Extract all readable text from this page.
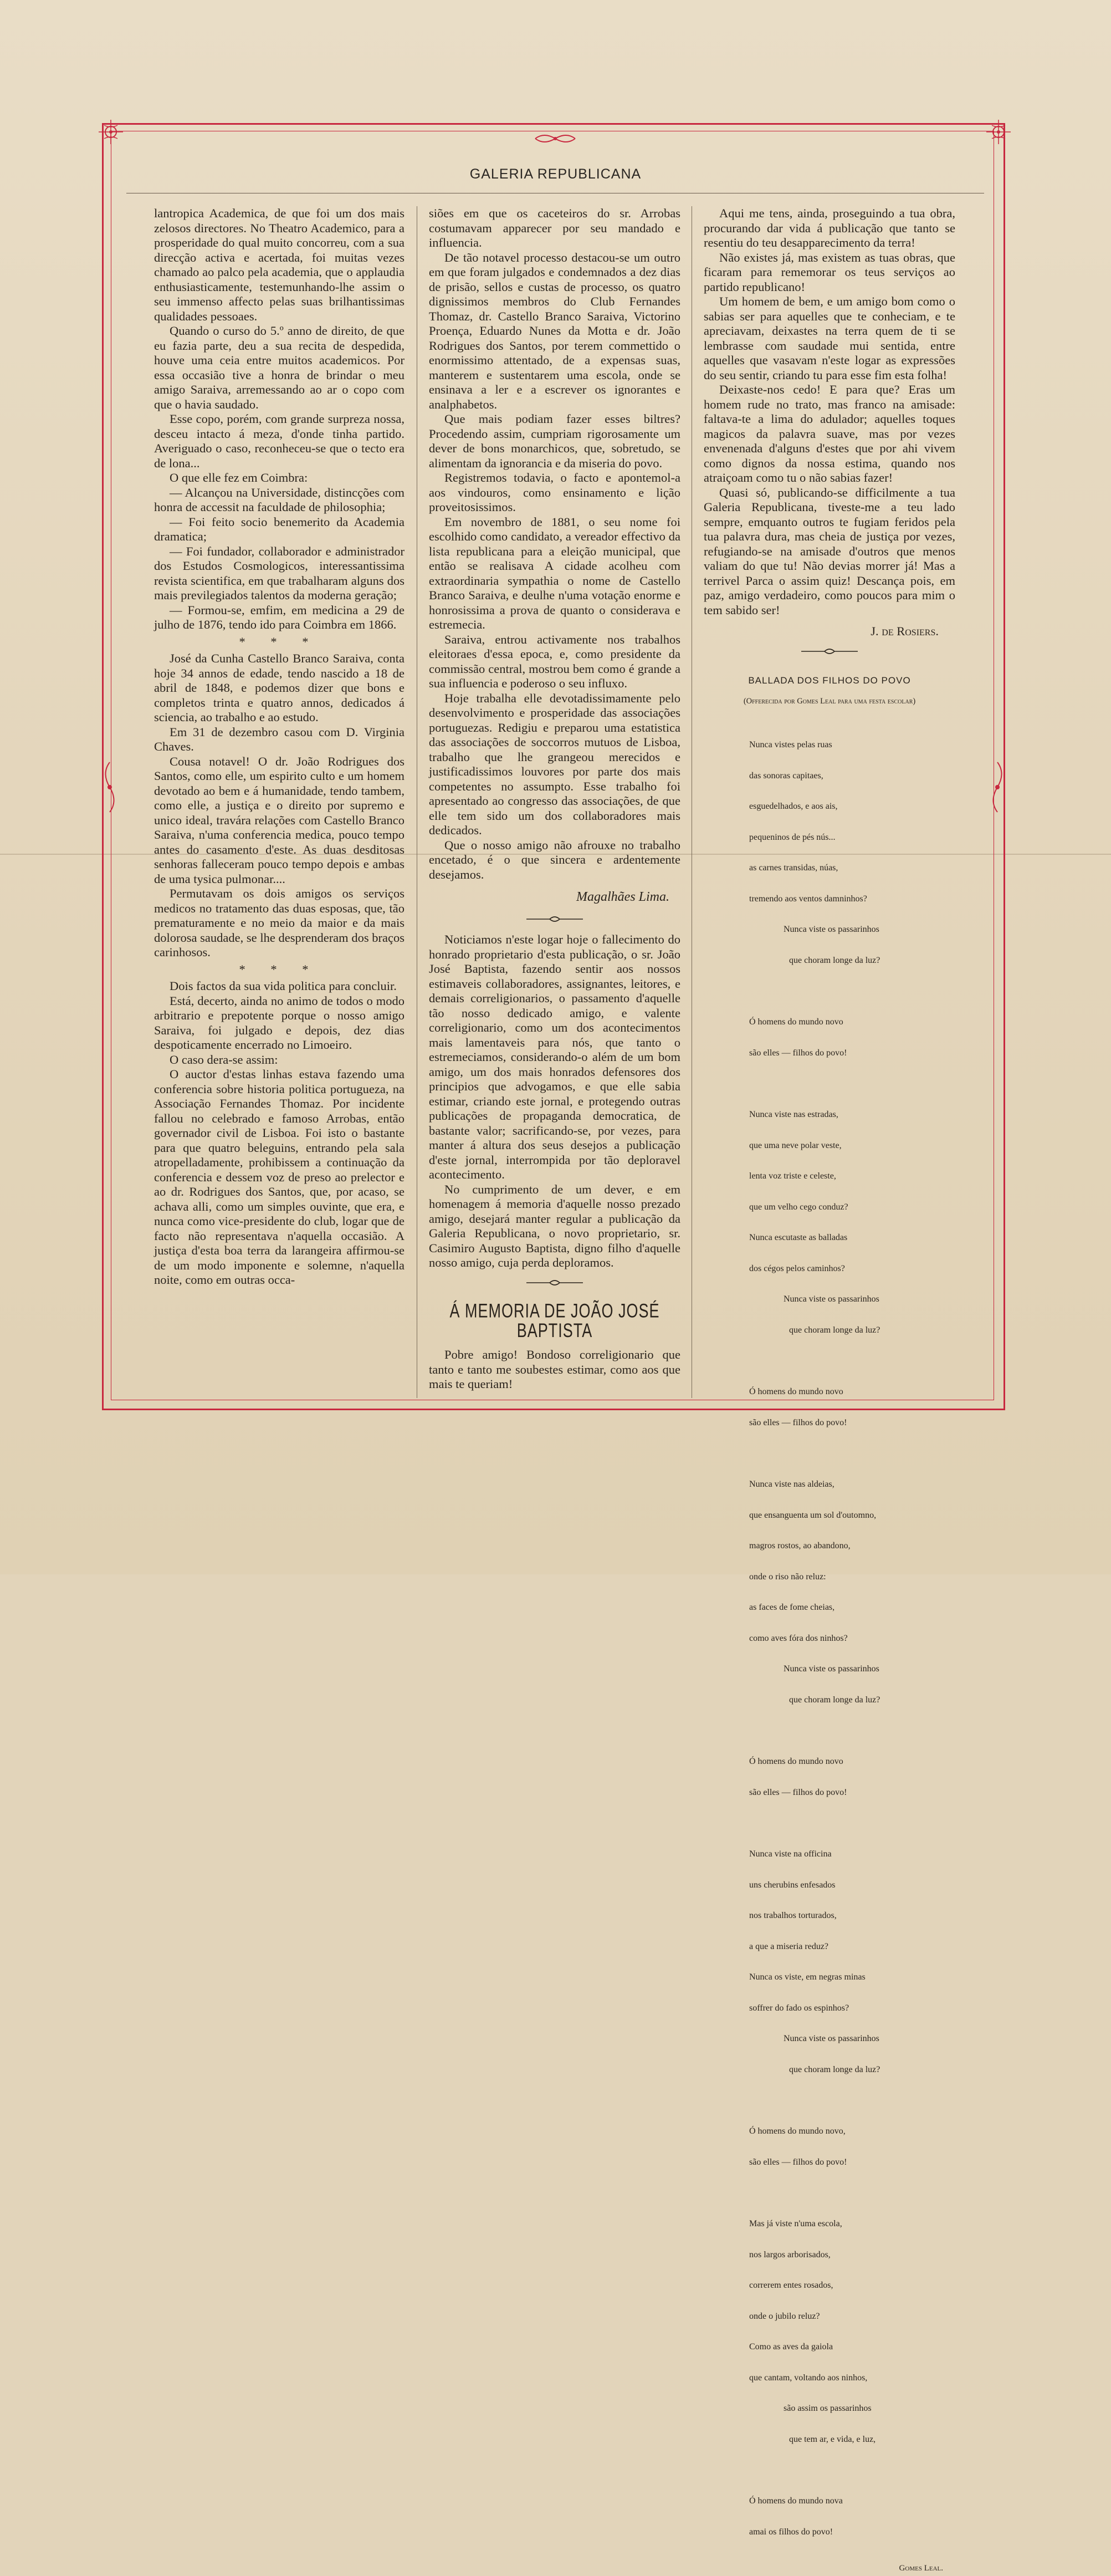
GALERIA REPUBLICANA

lantropica Academica, de que foi um dos mais zelosos directores. No Theatro Academico, para a prosperidade do qual muito concorreu, com a sua direcção activa e acertada, foi muitas vezes chamado ao palco pela academia, que o applaudia enthusiasticamente, testemunhando-lhe assim o seu immenso affecto pelas suas brilhantissimas qualidades pessoaes.

Quando o curso do 5.º anno de direito, de que eu fazia parte, deu a sua recita de despedida, houve uma ceia entre muitos academicos. Por essa occasião tive a honra de brindar o meu amigo Saraiva, arremessando ao ar o copo com que o havia saudado.

Esse copo, porém, com grande surpreza nossa, desceu intacto á meza, d'onde tinha partido. Averiguado o caso, reconheceu-se que o tecto era de lona...

O que elle fez em Coimbra:

— Alcançou na Universidade, distincções com honra de accessit na faculdade de philosophia;

— Foi feito socio benemerito da Academia dramatica;

— Foi fundador, collaborador e administrador dos Estudos Cosmologicos, interessantissima revista scientifica, em que trabalharam alguns dos mais previlegiados talentos da moderna geração;

— Formou-se, emfim, em medicina a 29 de julho de 1876, tendo ido para Coimbra em 1866.

* * *

José da Cunha Castello Branco Saraiva, conta hoje 34 annos de edade, tendo nascido a 18 de abril de 1848, e podemos dizer que bons e completos trinta e quatro annos, dedicados á sciencia, ao trabalho e ao estudo.

Em 31 de dezembro casou com D. Virginia Chaves.

Cousa notavel! O dr. João Rodrigues dos Santos, como elle, um espirito culto e um homem devotado ao bem e á humanidade, tendo tambem, como elle, a justiça e o direito por supremo e unico ideal, travára relações com Castello Branco Saraiva, n'uma conferencia medica, pouco tempo antes do casamento d'este. As duas desditosas senhoras falleceram pouco tempo depois e ambas de uma tysica pulmonar....

Permutavam os dois amigos os serviços medicos no tratamento das duas esposas, que, tão prematuramente e no meio da maior e da mais dolorosa saudade, se lhe desprenderam dos braços carinhosos.

* * *

Dois factos da sua vida politica para concluir.

Está, decerto, ainda no animo de todos o modo arbitrario e prepotente porque o nosso amigo Saraiva, foi julgado e depois, dez dias despoticamente encerrado no Limoeiro.

O caso dera-se assim:

O auctor d'estas linhas estava fazendo uma conferencia sobre historia politica portugueza, na Associação Fernandes Thomaz. Por incidente fallou no celebrado e famoso Arrobas, então governador civil de Lisboa. Foi isto o bastante para que quatro beleguins, entrando pela sala atropelladamente, prohibissem a continuação da conferencia e dessem voz de preso ao prelector e ao dr. Rodrigues dos Santos, que, por acaso, se achava alli, como um simples ouvinte, que era, e nunca como vice-presidente do club, logar que de facto não representava n'aquella occasião. A justiça d'esta boa terra da larangeira affirmou-se de um modo imponente e solemne, n'aquella noite, como em outras occa-

siões em que os caceteiros do sr. Arrobas costumavam apparecer por seu mandado e influencia.

De tão notavel processo destacou-se um outro em que foram julgados e condemnados a dez dias de prisão, sellos e custas de processo, os quatro dignissimos membros do Club Fernandes Thomaz, dr. Castello Branco Saraiva, Victorino Proença, Eduardo Nunes da Motta e dr. João Rodrigues dos Santos, por terem commettido o enormissimo attentado, de a expensas suas, manterem e sustentarem uma escola, onde se ensinava a ler e a escrever os ignorantes e analphabetos.

Que mais podiam fazer esses biltres? Procedendo assim, cumpriam rigorosamente um dever de bons monarchicos, que, sobretudo, se alimentam da ignorancia e da miseria do povo.

Registremos todavia, o facto e apontemol-a aos vindouros, como ensinamento e lição proveitosissimos.

Em novembro de 1881, o seu nome foi escolhido como candidato, a vereador effectivo da lista republicana para a eleição municipal, que então se realisava A cidade acolheu com extraordinaria sympathia o nome de Castello Branco Saraiva, e deulhe n'uma votação enorme e honrosissima a prova de quanto o considerava e estremecia.

Saraiva, entrou activamente nos trabalhos eleitoraes d'essa epoca, e, como presidente da commissão central, mostrou bem como é grande a sua influencia e poderoso o seu influxo.

Hoje trabalha elle devotadissimamente pelo desenvolvimento e prosperidade das associações portuguezas. Redigiu e preparou uma estatistica das associações de soccorros mutuos de Lisboa, trabalho que lhe grangeou merecidos e justificadissimos louvores por parte dos mais competentes no assumpto. Esse trabalho foi apresentado ao congresso das associações, de que elle tem sido um dos collaboradores mais dedicados.

Que o nosso amigo não afrouxe no trabalho encetado, é o que sincera e ardentemente desejamos.

Magalhães Lima.

Noticiamos n'este logar hoje o fallecimento do honrado proprietario d'esta publicação, o sr. João José Baptista, fazendo sentir aos nossos estimaveis collaboradores, assignantes, leitores, e demais correligionarios, o passamento d'aquelle tão nosso dedicado amigo, e valente correligionario, como um dos acontecimentos mais lamentaveis para nós, que tanto o estremeciamos, considerando-o além de um bom amigo, um dos mais honrados defensores dos principios que advogamos, e que elle sabia estimar, criando este jornal, e protegendo outras publicações de propaganda democratica, de bastante valor; sacrificando-se, por vezes, para manter á altura dos seus desejos a publicação d'este jornal, interrompida por tão deploravel acontecimento.

No cumprimento de um dever, e em homenagem á memoria d'aquelle nosso prezado amigo, desejará manter regular a publicação da Galeria Republicana, o novo proprietario, sr. Casimiro Augusto Baptista, digno filho d'aquelle nosso amigo, cuja perda deploramos.

Á MEMORIA DE JOÃO JOSÉ BAPTISTA

Pobre amigo! Bondoso correligionario que tanto e tanto me soubestes estimar, como aos que mais te queriam!

Aqui me tens, ainda, proseguindo a tua obra, procurando dar vida á publicação que tanto se resentiu do teu desapparecimento da terra!

Não existes já, mas existem as tuas obras, que ficaram para rememorar os teus serviços ao partido republicano!

Um homem de bem, e um amigo bom como o sabias ser para aquelles que te conheciam, e te apreciavam, deixastes na terra quem de ti se lembrasse com saudade mui sentida, entre aquelles que vasavam n'este logar as expressões do seu sentir, criando tu para esse fim esta folha!

Deixaste-nos cedo! E para que? Eras um homem rude no trato, mas franco na amisade: faltava-te a lima do adulador; aquelles toques magicos da palavra suave, mas por vezes envenenada d'alguns d'estes que por ahi vivem como dignos da nossa estima, quando nos atraiçoam como tu o não sabias fazer!

Quasi só, publicando-se difficilmente a tua Galeria Republicana, tiveste-me a teu lado sempre, emquanto outros te fugiam feridos pela tua palavra dura, mas cheia de justiça por vezes, refugiando-se na amisade d'outros que menos valiam do que tu! Não devias morrer já! Mas a terrivel Parca o assim quiz! Descança pois, em paz, amigo verdadeiro, como poucos para mim o tem sabido ser!

J. de Rosiers.

BALLADA DOS FILHOS DO POVO

(Offerecida por Gomes Leal para uma festa escolar)

Nunca vistes pelas ruas

das sonoras capitaes,

esguedelhados, e aos ais,

pequeninos de pés nús...

as carnes transidas, núas,

tremendo aos ventos damninhos?

Nunca viste os passarinhos

que choram longe da luz?

Ó homens do mundo novo

são elles — filhos do povo!

Nunca viste nas estradas,

que uma neve polar veste,

lenta voz triste e celeste,

que um velho cego conduz?

Nunca escutaste as balladas

dos cégos pelos caminhos?

Nunca viste os passarinhos

que choram longe da luz?

Ó homens do mundo novo

são elles — filhos do povo!

Nunca viste nas aldeias,

que ensanguenta um sol d'outomno,

magros rostos, ao abandono,

onde o riso não reluz:

as faces de fome cheias,

como aves fóra dos ninhos?

Nunca viste os passarinhos

que choram longe da luz?

Ó homens do mundo novo

são elles — filhos do povo!

Nunca viste na officina

uns cherubins enfesados

nos trabalhos torturados,

a que a miseria reduz?

Nunca os viste, em negras minas

soffrer do fado os espinhos?

Nunca viste os passarinhos

que choram longe da luz?

Ó homens do mundo novo,

são elles — filhos do povo!

Mas já viste n'uma escola,

nos largos arborisados,

correrem entes rosados,

onde o jubilo reluz?

Como as aves da gaiola

que cantam, voltando aos ninhos,

são assim os passarinhos

que tem ar, e vida, e luz,

Ó homens do mundo nova

amai os filhos do povo!

Gomes Leal.
